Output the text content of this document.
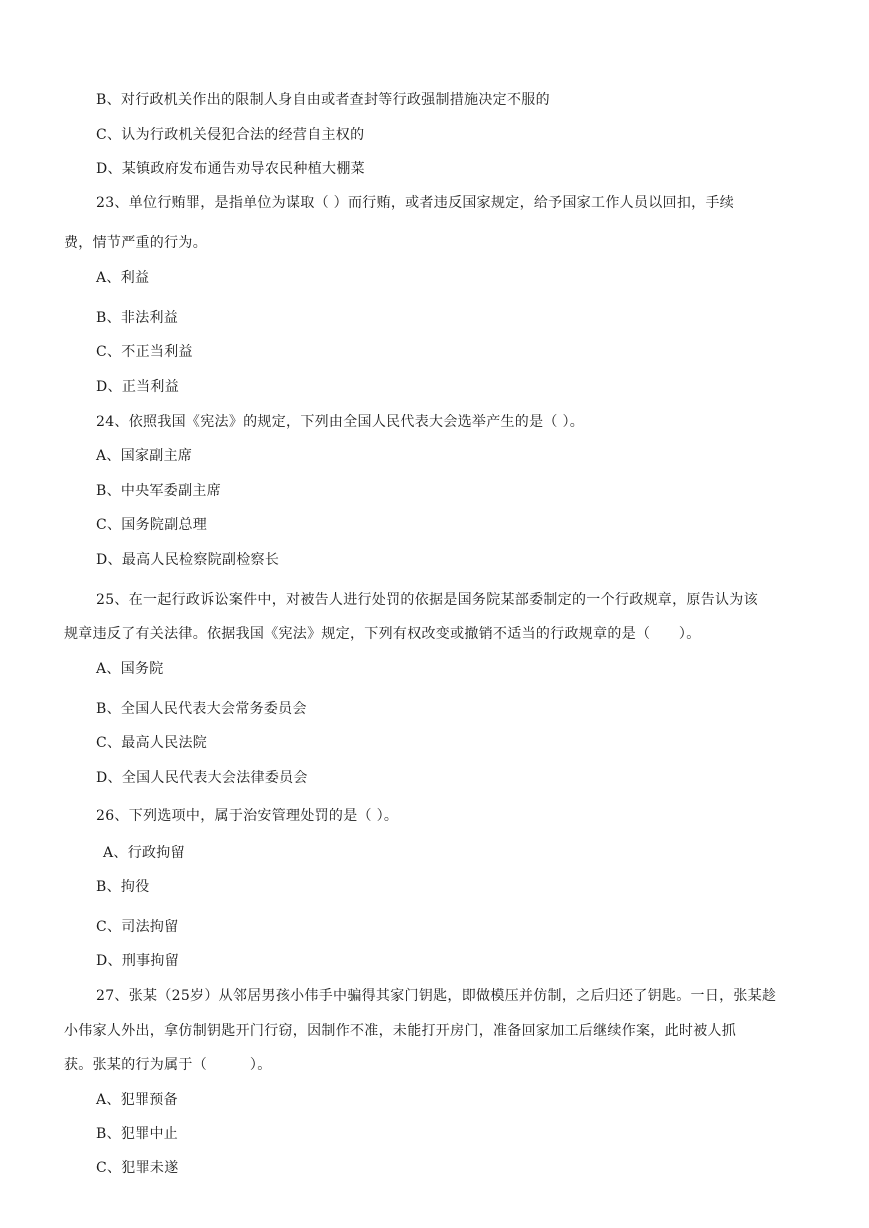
B、对行政机关作出的限制人身自由或者查封等行政强制措施决定不服的
C、认为行政机关侵犯合法的经营自主权的
D、某镇政府发布通告劝导农民种植大棚菜
23、单位行贿罪，是指单位为谋取（ ）而行贿，或者违反国家规定，给予国家工作人员以回扣，手续
费，情节严重的行为。
A、利益
B、非法利益
C、不正当利益
D、正当利益
24、依照我国《宪法》的规定，下列由全国人民代表大会选举产生的是（ ）。
A、国家副主席
B、中央军委副主席
C、国务院副总理
D、最高人民检察院副检察长
25、在一起行政诉讼案件中，对被告人进行处罚的依据是国务院某部委制定的一个行政规章，原告认为该
规章违反了有关法律。依据我国《宪法》规定，下列有权改变或撤销不适当的行政规章的是（　　）。
A、国务院
B、全国人民代表大会常务委员会
C、最高人民法院
D、全国人民代表大会法律委员会
26、下列选项中，属于治安管理处罚的是（ ）。
A、行政拘留
B、拘役
C、司法拘留
D、刑事拘留
27、张某（25岁）从邻居男孩小伟手中骗得其家门钥匙，即做模压并仿制，之后归还了钥匙。一日，张某趁
小伟家人外出，拿仿制钥匙开门行窃，因制作不准，未能打开房门，准备回家加工后继续作案，此时被人抓
获。张某的行为属于（　　　）。
A、犯罪预备
B、犯罪中止
C、犯罪未遂
